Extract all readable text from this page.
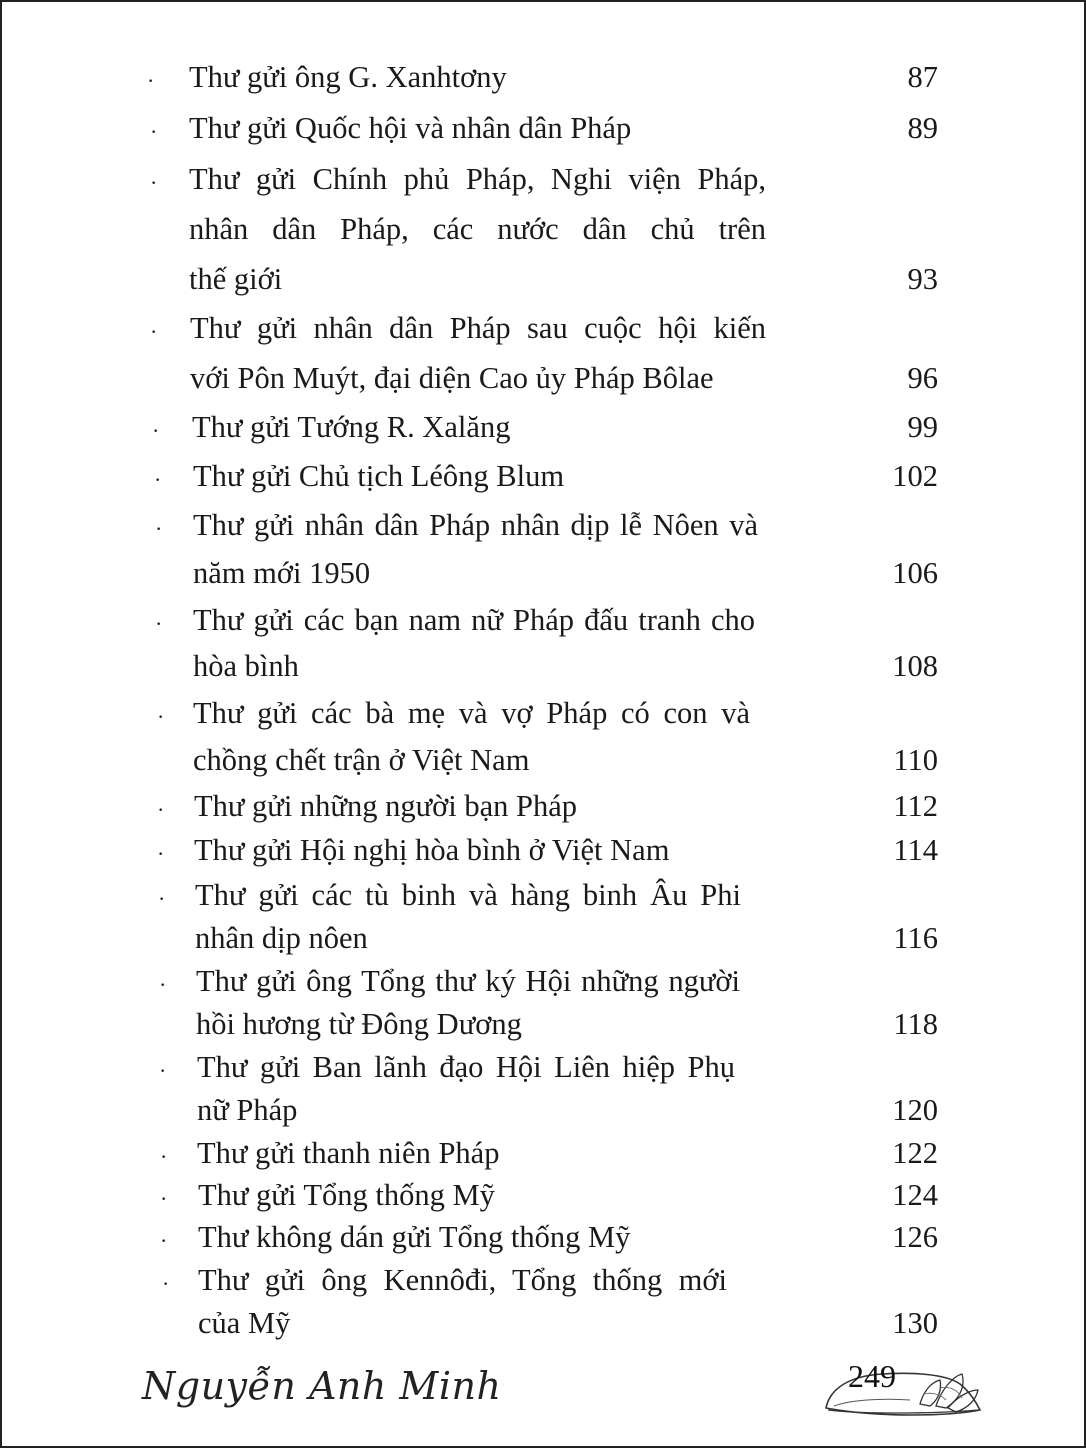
· Thư gửi ông G. Xanhtơny	87
· Thư gửi Quốc hội và nhân dân Pháp	89
· Thư gửi Chính phủ Pháp, Nghi viện Pháp,
nhân dân Pháp, các nước dân chủ trên
thế giới	93
· Thư gửi nhân dân Pháp sau cuộc hội kiến
với Pôn Muýt, đại diện Cao ủy Pháp Bôlae	96
· Thư gửi Tướng R. Xalăng	99
· Thư gửi Chủ tịch Léông Blum	102
· Thư gửi nhân dân Pháp nhân dịp lễ Nôen và
năm mới 1950	106
· Thư gửi các bạn nam nữ Pháp đấu tranh cho
hòa bình	108
· Thư gửi các bà mẹ và vợ Pháp có con và
chồng chết trận ở Việt Nam	110
· Thư gửi những người bạn Pháp	112
· Thư gửi Hội nghị hòa bình ở Việt Nam	114
· Thư gửi các tù binh và hàng binh Âu Phi
nhân dịp nôen	116
· Thư gửi ông Tổng thư ký Hội những người
hồi hương từ Đông Dương	118
· Thư gửi Ban lãnh đạo Hội Liên hiệp Phụ
nữ Pháp	120
· Thư gửi thanh niên Pháp	122
· Thư gửi Tổng thống Mỹ	124
· Thư không dán gửi Tổng thống Mỹ	126
· Thư gửi ông Kennôđi, Tổng thống mới
của Mỹ	130
Nguyễn Anh Minh	249
